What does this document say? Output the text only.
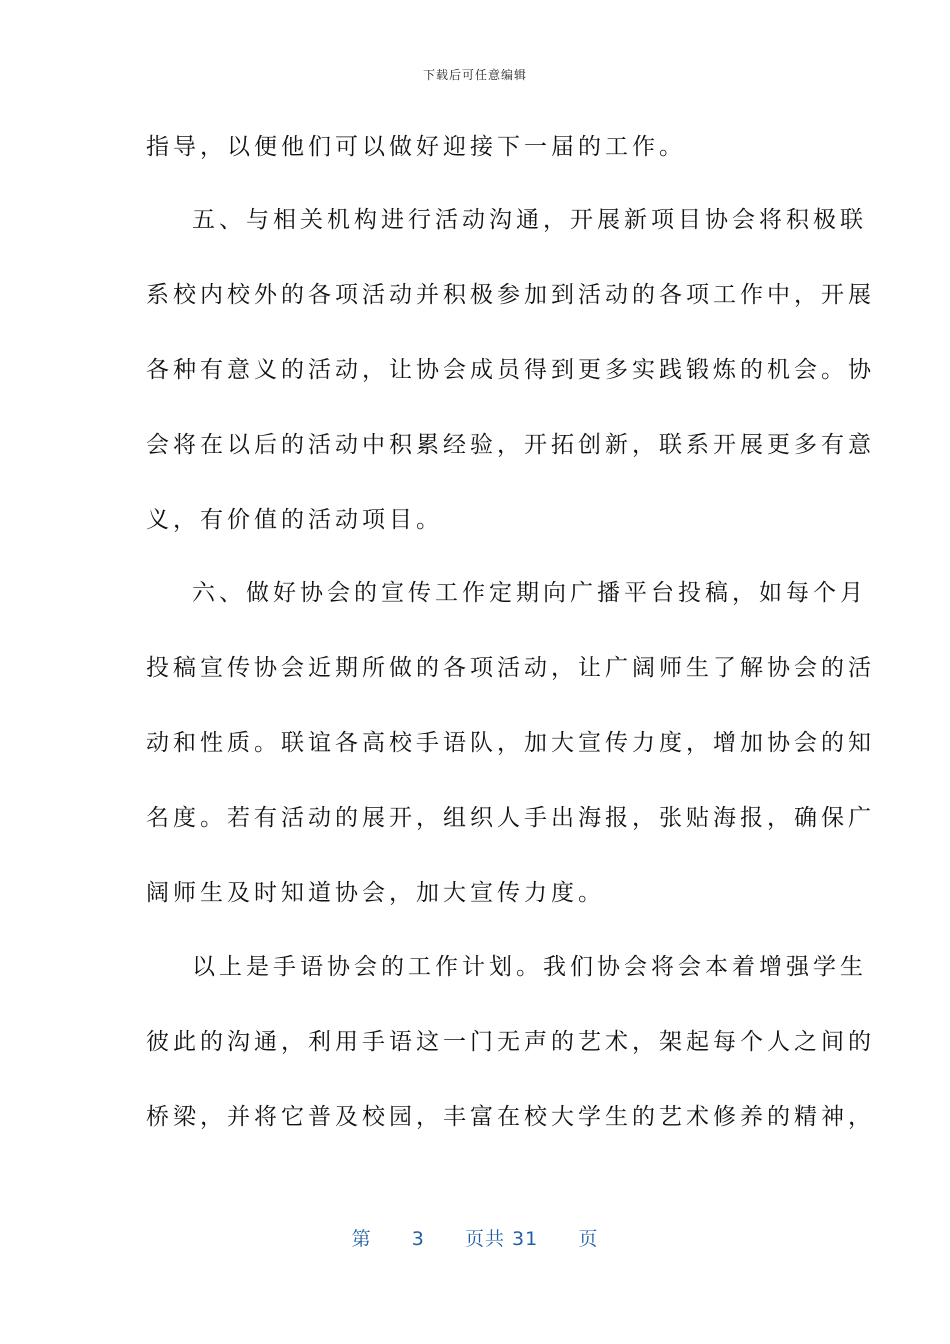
下载后可任意编辑
指导，以便他们可以做好迎接下一届的工作。
五、与相关机构进行活动沟通，开展新项目协会将积极联
系校内校外的各项活动并积极参加到活动的各项工作中，开展
各种有意义的活动，让协会成员得到更多实践锻炼的机会。协
会将在以后的活动中积累经验，开拓创新，联系开展更多有意
义，有价值的活动项目。
六、做好协会的宣传工作定期向广播平台投稿，如每个月
投稿宣传协会近期所做的各项活动，让广阔师生了解协会的活
动和性质。联谊各高校手语队，加大宣传力度，增加协会的知
名度。若有活动的展开，组织人手出海报，张贴海报，确保广
阔师生及时知道协会，加大宣传力度。
以上是手语协会的工作计划。我们协会将会本着增强学生
彼此的沟通，利用手语这一门无声的艺术，架起每个人之间的
桥梁，并将它普及校园，丰富在校大学生的艺术修养的精神，
第 3 页共 31 页
